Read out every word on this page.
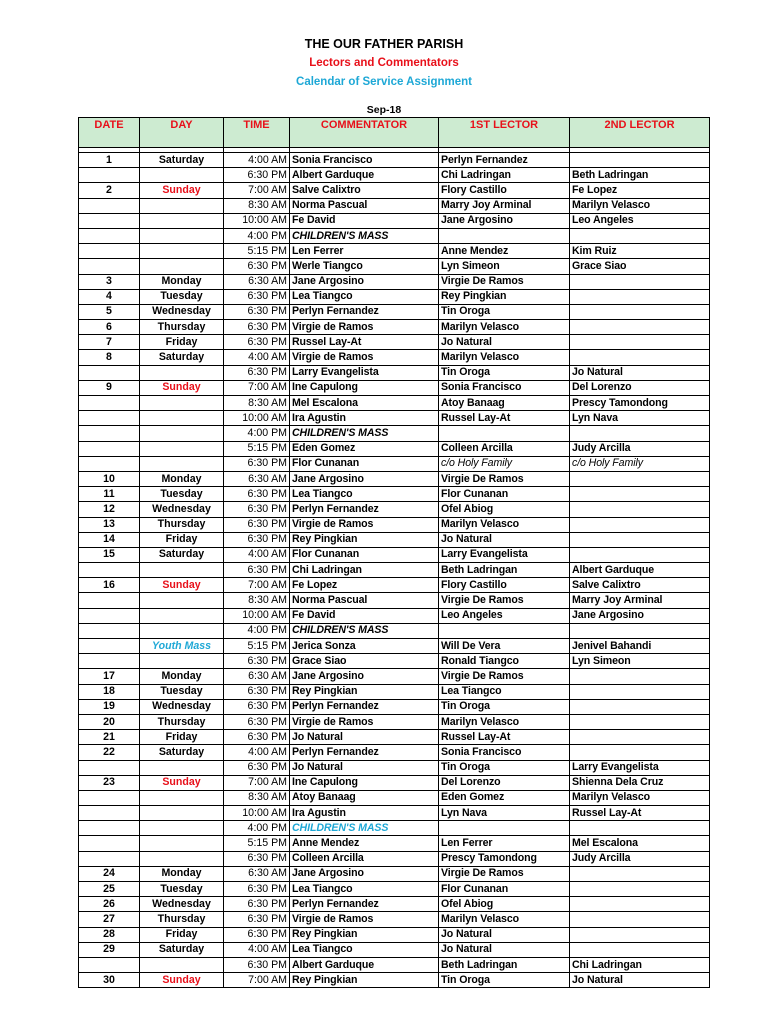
THE OUR FATHER PARISH
Lectors and Commentators
Calendar of Service Assignment
Sep-18
DATE	DAY	TIME	COMMENTATOR	1ST LECTOR	2ND LECTOR

1	Saturday	4:00 AM	Sonia Francisco	Perlyn Fernandez	
		6:30 PM	Albert Garduque	Chi Ladringan	Beth Ladringan
2	Sunday	7:00 AM	Salve Calixtro	Flory Castillo	Fe Lopez
		8:30 AM	Norma Pascual	Marry Joy Arminal	Marilyn Velasco
		10:00 AM	Fe David	Jane Argosino	Leo Angeles
		4:00 PM	CHILDREN'S MASS		
		5:15 PM	Len Ferrer	Anne Mendez	Kim Ruiz
		6:30 PM	Werle Tiangco	Lyn Simeon	Grace Siao
3	Monday	6:30 AM	Jane Argosino	Virgie De Ramos	
4	Tuesday	6:30 PM	Lea Tiangco	Rey Pingkian	
5	Wednesday	6:30 PM	Perlyn Fernandez	Tin Oroga	
6	Thursday	6:30 PM	Virgie de Ramos	Marilyn Velasco	
7	Friday	6:30 PM	Russel Lay-At	Jo Natural	
8	Saturday	4:00 AM	Virgie de Ramos	Marilyn Velasco	
		6:30 PM	Larry Evangelista	Tin Oroga	Jo Natural
9	Sunday	7:00 AM	Ine Capulong	Sonia Francisco	Del Lorenzo
		8:30 AM	Mel Escalona	Atoy Banaag	Prescy Tamondong
		10:00 AM	Ira Agustin	Russel Lay-At	Lyn Nava
		4:00 PM	CHILDREN'S MASS		
		5:15 PM	Eden Gomez	Colleen Arcilla	Judy Arcilla
		6:30 PM	Flor Cunanan	c/o Holy Family	c/o Holy Family
10	Monday	6:30 AM	Jane Argosino	Virgie De Ramos	
11	Tuesday	6:30 PM	Lea Tiangco	Flor Cunanan	
12	Wednesday	6:30 PM	Perlyn Fernandez	Ofel Abiog	
13	Thursday	6:30 PM	Virgie de Ramos	Marilyn Velasco	
14	Friday	6:30 PM	Rey Pingkian	Jo Natural	
15	Saturday	4:00 AM	Flor Cunanan	Larry Evangelista	
		6:30 PM	Chi Ladringan	Beth Ladringan	Albert Garduque
16	Sunday	7:00 AM	Fe Lopez	Flory Castillo	Salve Calixtro
		8:30 AM	Norma Pascual	Virgie De Ramos	Marry Joy Arminal
		10:00 AM	Fe David	Leo Angeles	Jane Argosino
		4:00 PM	CHILDREN'S MASS		
	Youth Mass	5:15 PM	Jerica Sonza	Will De Vera	Jenivel Bahandi
		6:30 PM	Grace Siao	Ronald Tiangco	Lyn Simeon
17	Monday	6:30 AM	Jane Argosino	Virgie De Ramos	
18	Tuesday	6:30 PM	Rey Pingkian	Lea Tiangco	
19	Wednesday	6:30 PM	Perlyn Fernandez	Tin Oroga	
20	Thursday	6:30 PM	Virgie de Ramos	Marilyn Velasco	
21	Friday	6:30 PM	Jo Natural	Russel Lay-At	
22	Saturday	4:00 AM	Perlyn Fernandez	Sonia Francisco	
		6:30 PM	Jo Natural	Tin Oroga	Larry Evangelista
23	Sunday	7:00 AM	Ine Capulong	Del Lorenzo	Shienna Dela Cruz
		8:30 AM	Atoy Banaag	Eden Gomez	Marilyn Velasco
		10:00 AM	Ira Agustin	Lyn Nava	Russel Lay-At
		4:00 PM	CHILDREN'S MASS		
		5:15 PM	Anne Mendez	Len Ferrer	Mel Escalona
		6:30 PM	Colleen Arcilla	Prescy Tamondong	Judy Arcilla
24	Monday	6:30 AM	Jane Argosino	Virgie De Ramos	
25	Tuesday	6:30 PM	Lea Tiangco	Flor Cunanan	
26	Wednesday	6:30 PM	Perlyn Fernandez	Ofel Abiog	
27	Thursday	6:30 PM	Virgie de Ramos	Marilyn Velasco	
28	Friday	6:30 PM	Rey Pingkian	Jo Natural	
29	Saturday	4:00 AM	Lea Tiangco	Jo Natural	
		6:30 PM	Albert Garduque	Beth Ladringan	Chi Ladringan
30	Sunday	7:00 AM	Rey Pingkian	Tin Oroga	Jo Natural
